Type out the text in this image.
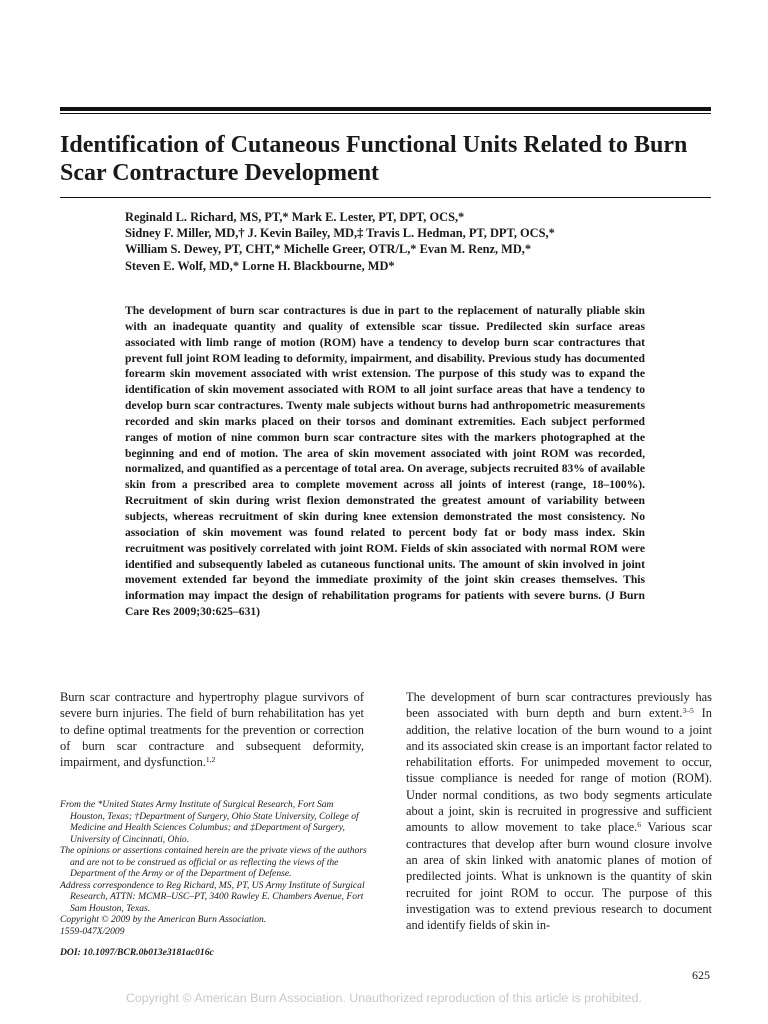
Identification of Cutaneous Functional Units Related to Burn Scar Contracture Development
Reginald L. Richard, MS, PT,* Mark E. Lester, PT, DPT, OCS,*
Sidney F. Miller, MD,† J. Kevin Bailey, MD,‡ Travis L. Hedman, PT, DPT, OCS,*
William S. Dewey, PT, CHT,* Michelle Greer, OTR/L,* Evan M. Renz, MD,*
Steven E. Wolf, MD,* Lorne H. Blackbourne, MD*
The development of burn scar contractures is due in part to the replacement of naturally pliable skin with an inadequate quantity and quality of extensible scar tissue. Predilected skin surface areas associated with limb range of motion (ROM) have a tendency to develop burn scar contractures that prevent full joint ROM leading to deformity, impairment, and disability. Previous study has documented forearm skin movement associated with wrist extension. The purpose of this study was to expand the identification of skin movement associated with ROM to all joint surface areas that have a tendency to develop burn scar contractures. Twenty male subjects without burns had anthropometric measurements recorded and skin marks placed on their torsos and dominant extremities. Each subject performed ranges of motion of nine common burn scar contracture sites with the markers photographed at the beginning and end of motion. The area of skin movement associated with joint ROM was recorded, normalized, and quantified as a percentage of total area. On average, subjects recruited 83% of available skin from a prescribed area to complete movement across all joints of interest (range, 18–100%). Recruitment of skin during wrist flexion demonstrated the greatest amount of variability between subjects, whereas recruitment of skin during knee extension demonstrated the most consistency. No association of skin movement was found related to percent body fat or body mass index. Skin recruitment was positively correlated with joint ROM. Fields of skin associated with normal ROM were identified and subsequently labeled as cutaneous functional units. The amount of skin involved in joint movement extended far beyond the immediate proximity of the joint skin creases themselves. This information may impact the design of rehabilitation programs for patients with severe burns. (J Burn Care Res 2009;30:625–631)

Burn scar contracture and hypertrophy plague survivors of severe burn injuries. The field of burn rehabilitation has yet to define optimal treatments for the prevention or correction of burn scar contracture and subsequent deformity, impairment, and dysfunction.$^{1,2}$

From the *United States Army Institute of Surgical Research, Fort Sam Houston, Texas; †Department of Surgery, Ohio State University, College of Medicine and Health Sciences Columbus; and ‡Department of Surgery, University of Cincinnati, Ohio.
The opinions or assertions contained herein are the private views of the authors and are not to be construed as official or as reflecting the views of the Department of the Army or of the Department of Defense.
Address correspondence to Reg Richard, MS, PT, US Army Institute of Surgical Research, ATTN: MCMR–USC–PT, 3400 Rawley E. Chambers Avenue, Fort Sam Houston, Texas.
Copyright © 2009 by the American Burn Association.
1559-047X/2009
DOI: 10.1097/BCR.0b013e3181ac016c

The development of burn scar contractures previously has been associated with burn depth and burn extent.$^{3-5}$ In addition, the relative location of the burn wound to a joint and its associated skin crease is an important factor related to rehabilitation efforts. For unimpeded movement to occur, tissue compliance is needed for range of motion (ROM). Under normal conditions, as two body segments articulate about a joint, skin is recruited in progressive and sufficient amounts to allow movement to take place.$^6$ Various scar contractures that develop after burn wound closure involve an area of skin linked with anatomic planes of motion of predilected joints. What is unknown is the quantity of skin recruited for joint ROM to occur. The purpose of this investigation was to extend previous research to document and identify fields of skin in-

625
Copyright © American Burn Association. Unauthorized reproduction of this article is prohibited.
